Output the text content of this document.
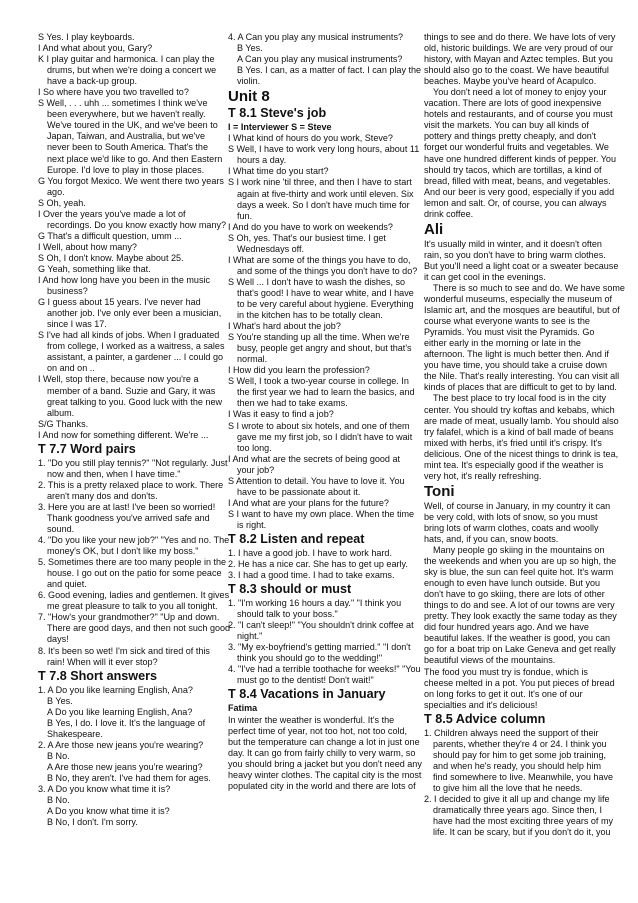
S Yes. I play keyboards.
I And what about you, Gary?
K I play guitar and harmonica. I can play the
drums, but when we're doing a concert we
have a back-up group.
I So where have you two travelled to?
S Well, . . . uhh ... sometimes I think we've
been everywhere, but we haven't really.
We've toured in the UK, and we've been to
Japan, Taiwan, and Australia, but we've
never been to South America. That's the
next place we'd like to go. And then Eastern
Europe. I'd love to play in those places.
G You forgot Mexico. We went there two years
ago.
S Oh, yeah.
I Over the years you've made a lot of
recordings. Do you know exactly how many?
G That's a difficult question, umm ...
I Well, about how many?
S Oh, I don't know. Maybe about 25.
G Yeah, something like that.
I And how long have you been in the music
business?
G I guess about 15 years. I've never had
another job. I've only ever been a musician,
since I was 17.
S I've had all kinds of jobs. When I graduated
from college, I worked as a waitress, a sales
assistant, a painter, a gardener ... I could go
on and on ..
I Well, stop there, because now you're a
member of a band. Suzie and Gary, it was
great talking to you. Good luck with the new
album.
S/G Thanks.
I And now for something different. We're ...
T 7.7 Word pairs
1. "Do you still play tennis?" "Not regularly. Just
now and then, when I have time."
2. This is a pretty relaxed place to work. There
aren't many dos and don'ts.
3. Here you are at last! I've been so worried!
Thank goodness you've arrived safe and
sound.
4. "Do you like your new job?" "Yes and no. The
money's OK, but I don't like my boss."
5. Sometimes there are too many people in the
house. I go out on the patio for some peace
and quiet.
6. Good evening, ladies and gentlemen. It gives
me great pleasure to talk to you all tonight.
7. "How's your grandmother?" "Up and down.
There are good days, and then not such good
days!
8. It's been so wet! I'm sick and tired of this
rain! When will it ever stop?
T 7.8 Short answers
1. A Do you like learning English, Ana?
B Yes.
A Do you like learning English, Ana?
B Yes, I do. I love it. It's the language of
Shakespeare.
2. A Are those new jeans you're wearing?
B No.
A Are those new jeans you're wearing?
B No, they aren't. I've had them for ages.
3. A Do you know what time it is?
B No.
A Do you know what time it is?
B No, I don't. I'm sorry.
4. A Can you play any musical instruments?
B Yes.
A Can you play any musical instruments?
B Yes. I can, as a matter of fact. I can play the
violin.
Unit 8
T 8.1 Steve's job
I = Interviewer S = Steve
I What kind of hours do you work, Steve?
S Well, I have to work very long hours, about 11
hours a day.
I What time do you start?
S I work nine 'til three, and then I have to start
again at five-thirty and work until eleven. Six
days a week. So I don't have much time for
fun.
I And do you have to work on weekends?
S Oh, yes. That's our busiest time. I get
Wednesdays off.
I What are some of the things you have to do,
and some of the things you don't have to do?
S Well ... I don't have to wash the dishes, so
that's good! I have to wear white, and I have
to be very careful about hygiene. Everything
in the kitchen has to be totally clean.
I What's hard about the job?
S You're standing up all the time. When we're
busy, people get angry and shout, but that's
normal.
I How did you learn the profession?
S Well, I took a two-year course in college. In
the first year we had to learn the basics, and
then we had to take exams.
I Was it easy to find a job?
S I wrote to about six hotels, and one of them
gave me my first job, so I didn't have to wait
too long.
I And what are the secrets of being good at
your job?
S Attention to detail. You have to love it. You
have to be passionate about it.
I And what are your plans for the future?
S I want to have my own place. When the time
is right.
T 8.2 Listen and repeat
1. I have a good job. I have to work hard.
2. He has a nice car. She has to get up early.
3. I had a good time. I had to take exams.
T 8.3 should or must
1. "I'm working 16 hours a day." "I think you
should talk to your boss."
2. "I can't sleep!" "You shouldn't drink coffee at
night."
3. "My ex-boyfriend's getting married." "I don't
think you should go to the wedding!"
4. "I've had a terrible toothache for weeks!" "You
must go to the dentist! Don't wait!"
T 8.4 Vacations in January
Fatima
In winter the weather is wonderful. It's the
perfect time of year, not too hot, not too cold,
but the temperature can change a lot in just one
day. It can go from fairly chilly to very warm, so
you should bring a jacket but you don't need any
heavy winter clothes. The capital city is the most
populated city in the world and there are lots of
things to see and do there. We have lots of very
old, historic buildings. We are very proud of our
history, with Mayan and Aztec temples. But you
should also go to the coast. We have beautiful
beaches. Maybe you've heard of Acapulco.
You don't need a lot of money to enjoy your
vacation. There are lots of good inexpensive
hotels and restaurants, and of course you must
visit the markets. You can buy all kinds of
pottery and things pretty cheaply, and don't
forget our wonderful fruits and vegetables. We
have one hundred different kinds of pepper. You
should try tacos, which are tortillas, a kind of
bread, filled with meat, beans, and vegetables.
And our beer is very good, especially if you add
lemon and salt. Or, of course, you can always
drink coffee.
Ali
It's usually mild in winter, and it doesn't often
rain, so you don't have to bring warm clothes.
But you'll need a light coat or a sweater because
it can get cool in the evenings.
There is so much to see and do. We have some
wonderful museums, especially the museum of
Islamic art, and the mosques are beautiful, but of
course what everyone wants to see is the
Pyramids. You must visit the Pyramids. Go
either early in the morning or late in the
afternoon. The light is much better then. And if
you have time, you should take a cruise down
the Nile. That's really interesting. You can visit all
kinds of places that are difficult to get to by land.
The best place to try local food is in the city
center. You should try koftas and kebabs, which
are made of meat, usually lamb. You should also
try falafel, which is a kind of ball made of beans
mixed with herbs, it's fried until it's crispy. It's
delicious. One of the nicest things to drink is tea,
mint tea. It's especially good if the weather is
very hot, it's really refreshing.
Toni
Well, of course in January, in my country it can
be very cold, with lots of snow, so you must
bring lots of warm clothes, coats and woolly
hats, and, if you can, snow boots.
Many people go skiing in the mountains on
the weekends and when you are up so high, the
sky is blue, the sun can feel quite hot. It's warm
enough to even have lunch outside. But you
don't have to go skiing, there are lots of other
things to do and see. A lot of our towns are very
pretty. They look exactly the same today as they
did four hundred years ago. And we have
beautiful lakes. If the weather is good, you can
go for a boat trip on Lake Geneva and get really
beautiful views of the mountains.
The food you must try is fondue, which is
cheese melted in a pot. You put pieces of bread
on long forks to get it out. It's one of our
specialties and it's delicious!
T 8.5 Advice column
1. Children always need the support of their
parents, whether they're 4 or 24. I think you
should pay for him to get some job training,
and when he's ready, you should help him
find somewhere to live. Meanwhile, you have
to give him all the love that he needs.
2. I decided to give it all up and change my life
dramatically three years ago. Since then, I
have had the most exciting three years of my
life. It can be scary, but if you don't do it, you
